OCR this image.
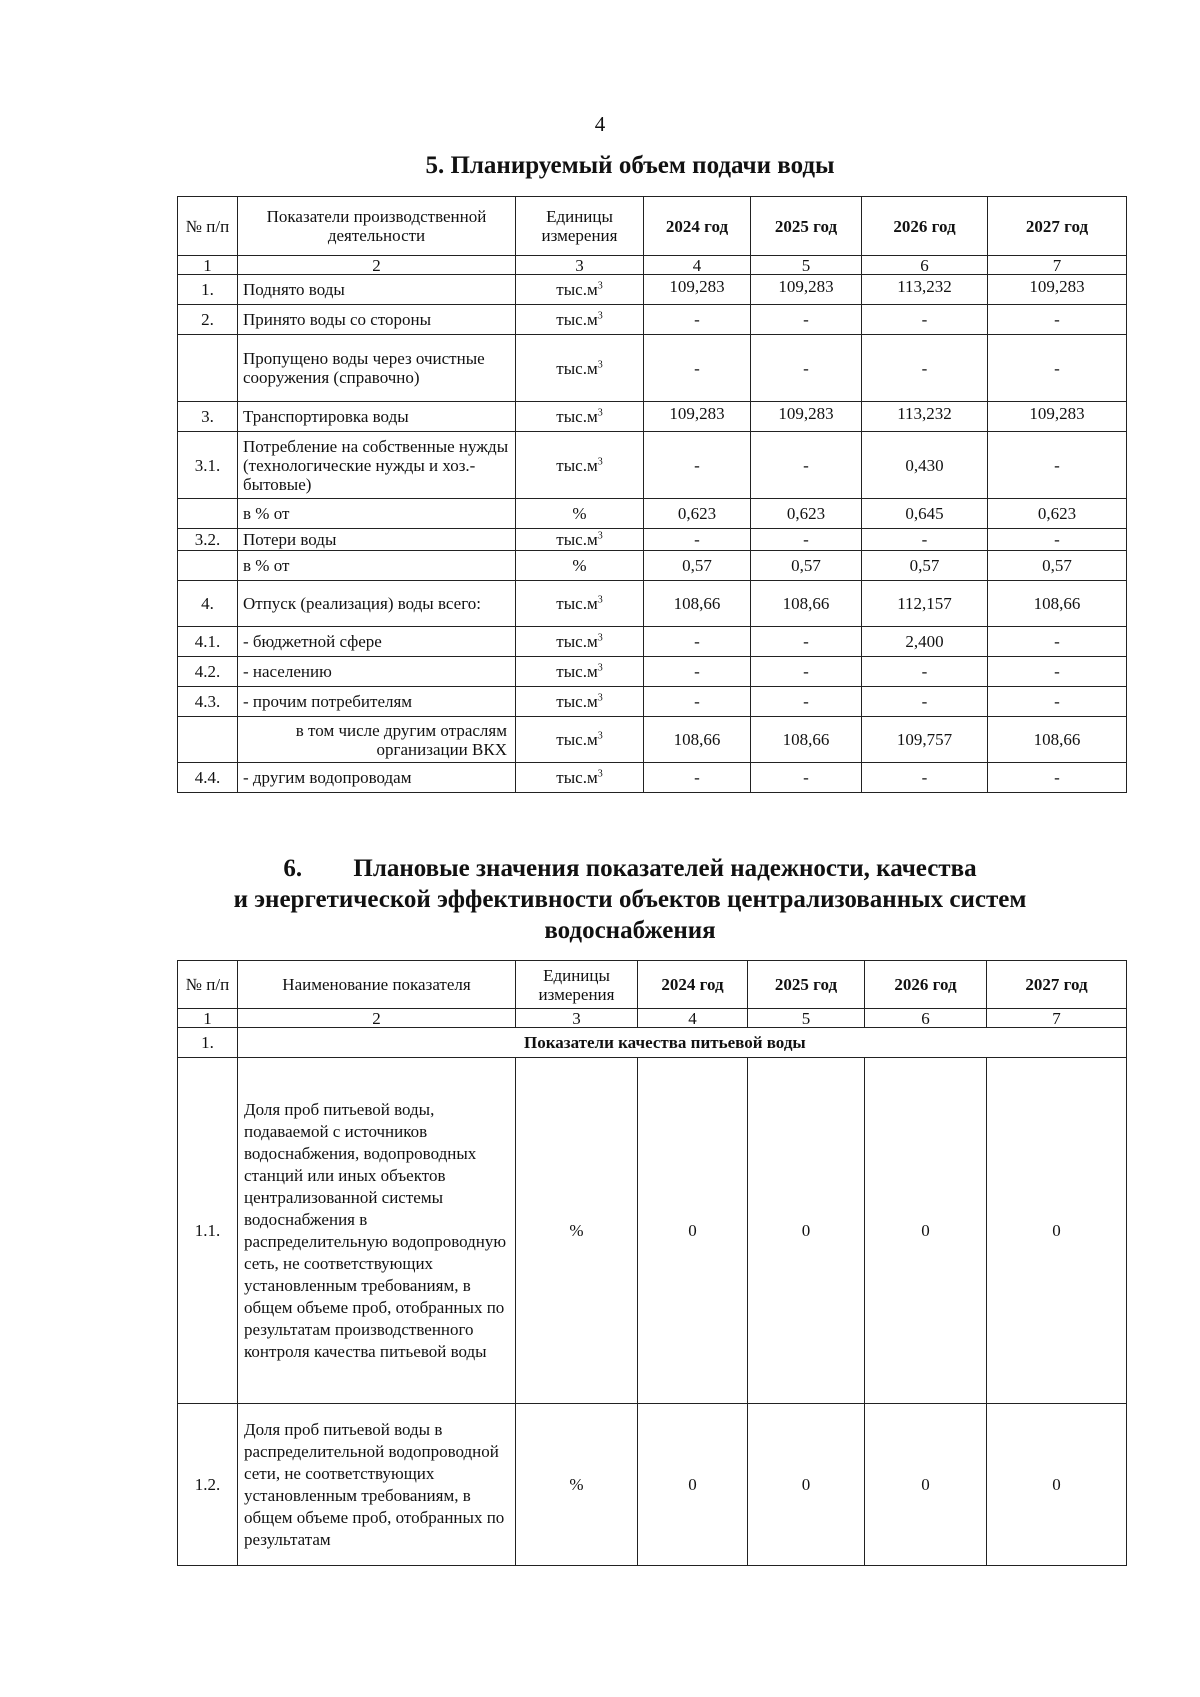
4
5. Планируемый объем подачи воды
№ п/п	Показатели производственной деятельности	Единицы измерения	2024 год	2025 год	2026 год	2027 год
1	2	3	4	5	6	7
1.	Поднято воды	$тыс.м^3$	109,283	109,283	113,232	109,283
2.	Принято воды со стороны	$тыс.м^3$	-	-	-	-
	Пропущено воды через очистные сооружения (справочно)	$тыс.м^3$	-	-	-	-
3.	Транспортировка воды	$тыс.м^3$	109,283	109,283	113,232	109,283
3.1.	Потребление на собственные нужды (технологические нужды и хоз.-бытовые)	$тыс.м^3$	-	-	0,430	-
	в % от	%	0,623	0,623	0,645	0,623
3.2.	Потери воды	$тыс.м^3$	-	-	-	-
	в % от	%	0,57	0,57	0,57	0,57
4.	Отпуск (реализация) воды всего:	$тыс.м^3$	108,66	108,66	112,157	108,66
4.1.	- бюджетной сфере	$тыс.м^3$	-	-	2,400	-
4.2.	- населению	$тыс.м^3$	-	-	-	-
4.3.	- прочим потребителям	$тыс.м^3$	-	-	-	-
	в том числе другим отраслям организации ВКХ	$тыс.м^3$	108,66	108,66	109,757	108,66
4.4.	- другим водопроводам	$тыс.м^3$	-	-	-	-
6. Плановые значения показателей надежности, качества
и энергетической эффективности объектов централизованных систем
водоснабжения
№ п/п	Наименование показателя	Единицы измерения	2024 год	2025 год	2026 год	2027 год
1	2	3	4	5	6	7
1.	Показатели качества питьевой воды					
1.1.	Доля проб питьевой воды, подаваемой с источников водоснабжения, водопроводных станций или иных объектов централизованной системы водоснабжения в распределительную водопроводную сеть, не соответствующих установленным требованиям, в общем объеме проб, отобранных по результатам производственного контроля качества питьевой воды	%	0	0	0	0
1.2.	Доля проб питьевой воды в распределительной водопроводной сети, не соответствующих установленным требованиям, в общем объеме проб, отобранных по результатам	%	0	0	0	0
